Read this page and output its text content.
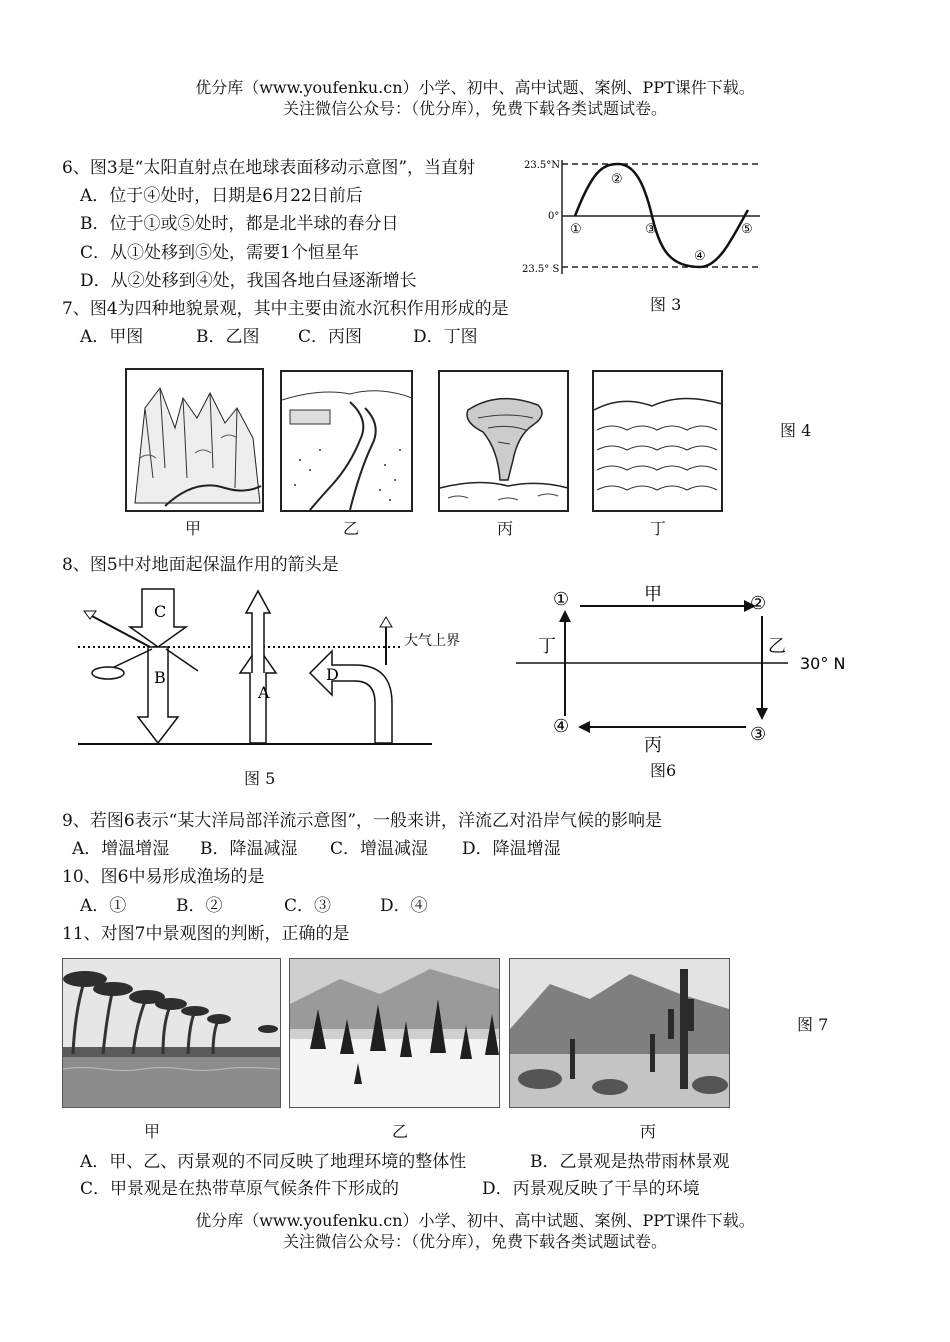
优分库（www.youfenku.cn）小学、初中、高中试题、案例、PPT课件下载。
关注微信公众号：（优分库），免费下载各类试题试卷。
6、图3是“太阳直射点在地球表面移动示意图”，当直射
A．位于④处时，日期是6月22日前后
B．位于①或⑤处时，都是北半球的春分日
C．从①处移到⑤处，需要1个恒星年
D．从②处移到④处，我国各地白昼逐渐增长
23.5°N
0°
23.5° S
①
②
③
④
⑤
图 3
7、图4为四种地貌景观，其中主要由流水沉积作用形成的是
A．甲图	B．乙图 C．丙图	D．丁图
甲	乙	丙	丁
图 4
8、图5中对地面起保温作用的箭头是
C
B
A
D
大气上界
图 5
①	②
③
④
甲
乙
丙
丁
30° N
图6
9、若图6表示“某大洋局部洋流示意图”，一般来讲，洋流乙对沿岸气候的影响是
A．增温增湿 B．降温减湿 C．增温减湿 D．降温增湿
10、图6中易形成渔场的是
A．①	B．②	C．③	D．④
11、对图7中景观图的判断，正确的是
甲	乙	丙
图 7
A．甲、乙、丙景观的不同反映了地理环境的整体性	B．乙景观是热带雨林景观
C．甲景观是在热带草原气候条件下形成的	D．丙景观反映了干旱的环境
优分库（www.youfenku.cn）小学、初中、高中试题、案例、PPT课件下载。
关注微信公众号：（优分库），免费下载各类试题试卷。
